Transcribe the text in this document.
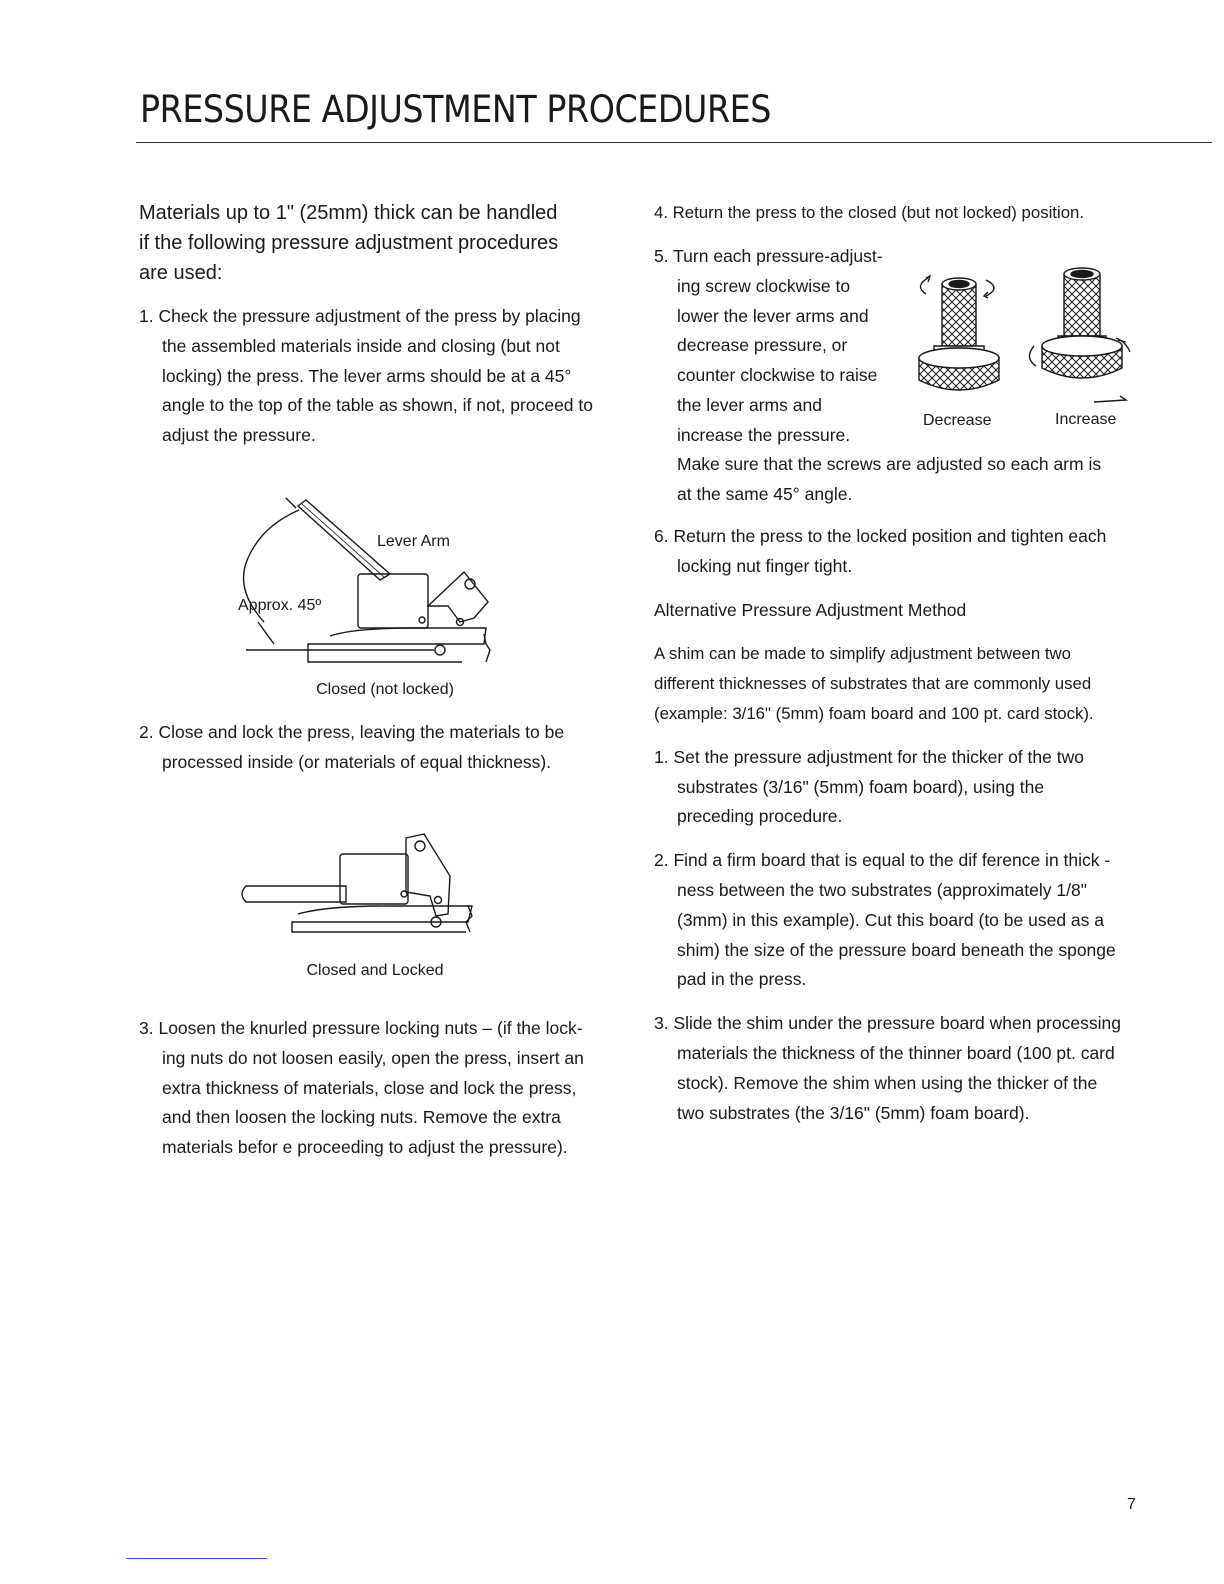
PRESSURE ADJUSTMENT PROCEDURES

Materials up to 1" (25mm) thick can be handled if the following pressure adjustment procedures are used:

1. Check the pressure adjustment of the press by placing the assembled materials inside and closing (but not locking) the press. The lever arms should be at a 45° angle to the top of the table as shown, if not, proceed to adjust the pressure.

Lever Arm
Approx. 45º
Closed (not locked)

2. Close and lock the press, leaving the materials to be processed inside (or materials of equal thickness).

Closed and Locked

3. Loosen the knurled pressure locking nuts – (if the lock- ing nuts do not loosen easily, open the press, insert an extra thickness of materials, close and lock the press, and then loosen the locking nuts. Remove the extra materials befor e proceeding to adjust the pressure).

4. Return the press to the closed (but not locked) position.

5. Turn each pressure-adjust-

ing screw clockwise to

lower the lever arms and

decrease pressure, or

counter clockwise to raise

the lever arms and

increase the pressure.

Make sure that the screws are adjusted so each arm is at the same 45° angle.

Decrease	Increase

6. Return the press to the locked position and tighten each locking nut finger tight.

Alternative Pressure Adjustment Method

A shim can be made to simplify adjustment between two different thicknesses of substrates that are commonly used (example: 3/16" (5mm) foam board and 100 pt. card stock).

1. Set the pressure adjustment for the thicker of the two substrates (3/16" (5mm) foam board), using the preceding procedure.

2. Find a firm board that is equal to the dif ference in thick - ness between the two substrates (approximately 1/8" (3mm) in this example). Cut this board (to be used as a shim) the size of the pressure board beneath the sponge pad in the press.

3. Slide the shim under the pressure board when processing materials the thickness of the thinner board (100 pt. card stock). Remove the shim when using the thicker of the two substrates (the 3/16" (5mm) foam board).

7
